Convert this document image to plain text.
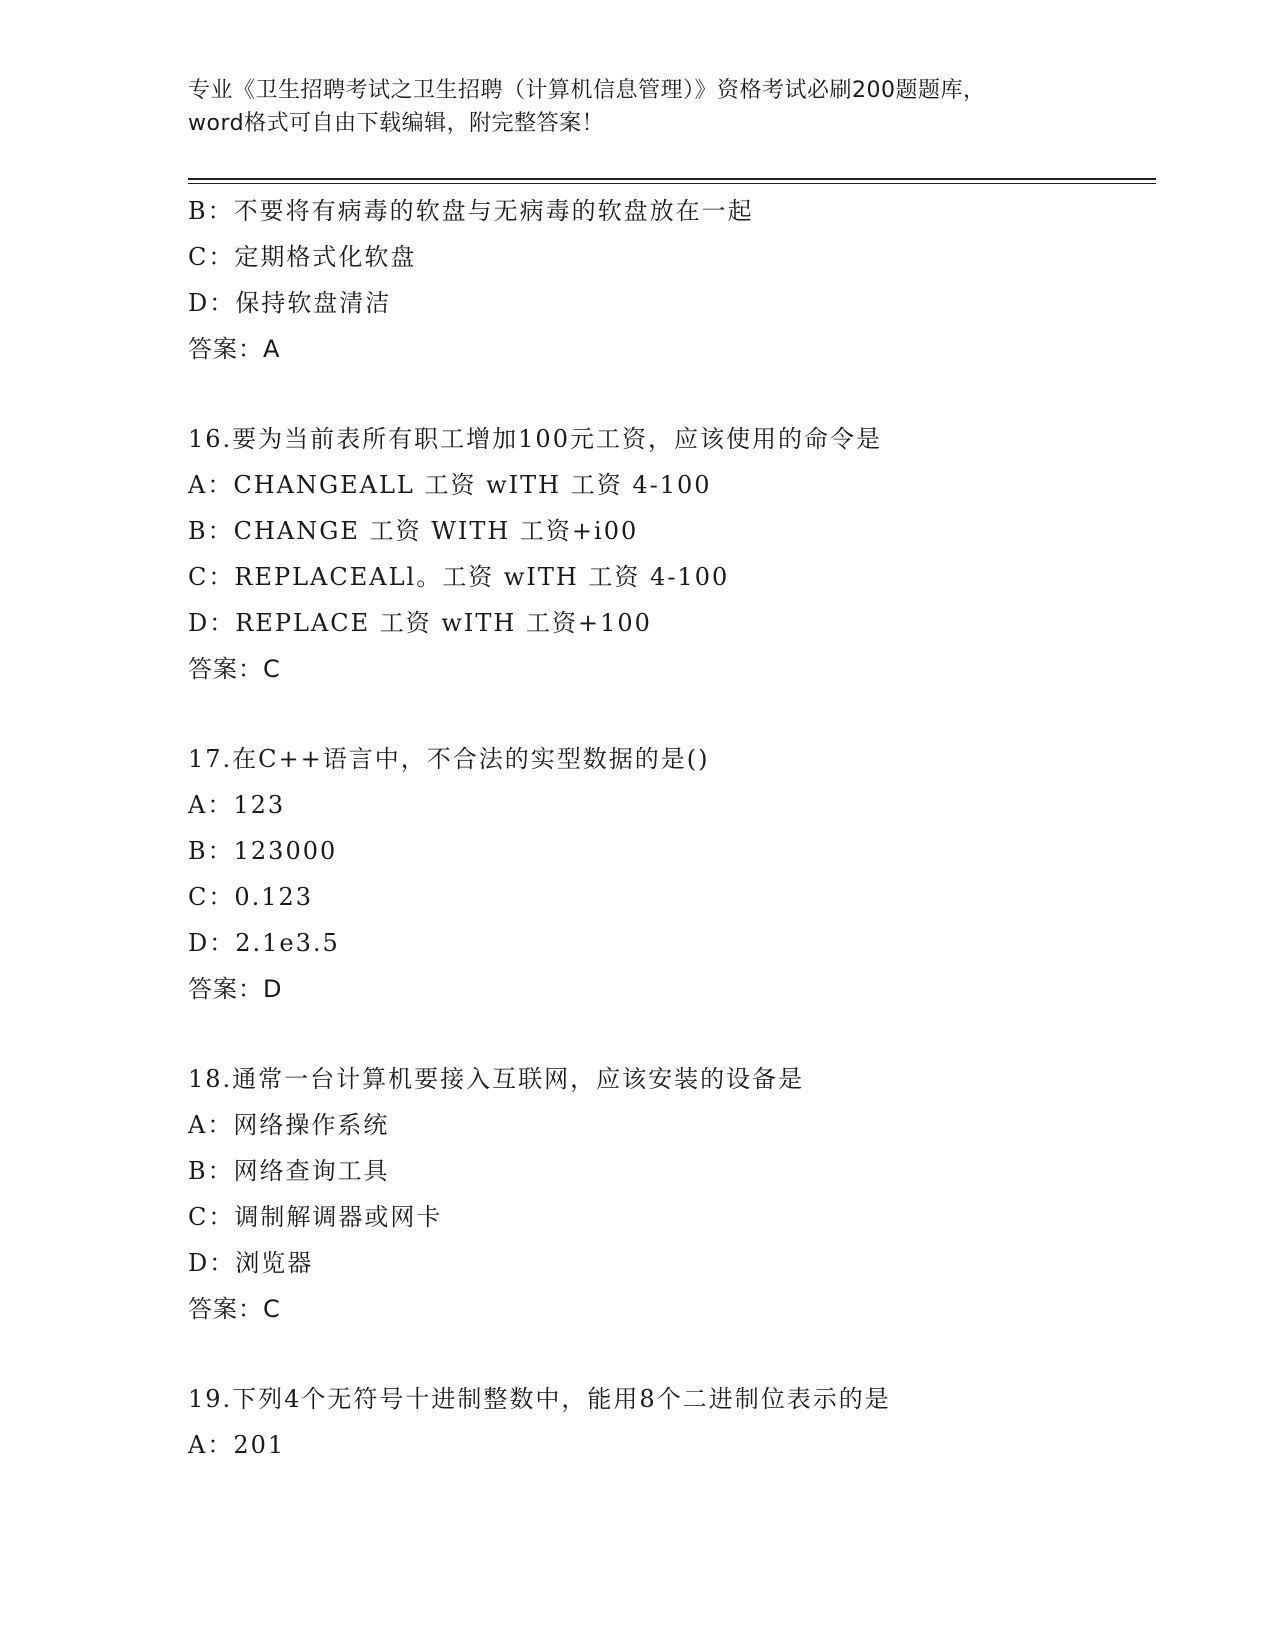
专业《卫生招聘考试之卫生招聘（计算机信息管理）》资格考试必刷200题题库，
word格式可自由下载编辑，附完整答案！
B：不要将有病毒的软盘与无病毒的软盘放在一起
C：定期格式化软盘
D：保持软盘清洁
答案：A
16.要为当前表所有职工增加100元工资，应该使用的命令是
A：CHANGEALL 工资 wITH 工资 4-100
B：CHANGE 工资 WITH 工资+i00
C：REPLACEALl。工资 wITH 工资 4-100
D：REPLACE 工资 wITH 工资+100
答案：C
17.在C++语言中，不合法的实型数据的是()
A：123
B：123000
C：0.123
D：2.1e3.5
答案：D
18.通常一台计算机要接入互联网，应该安装的设备是
A：网络操作系统
B：网络查询工具
C：调制解调器或网卡
D：浏览器
答案：C
19.下列4个无符号十进制整数中，能用8个二进制位表示的是
A：201
